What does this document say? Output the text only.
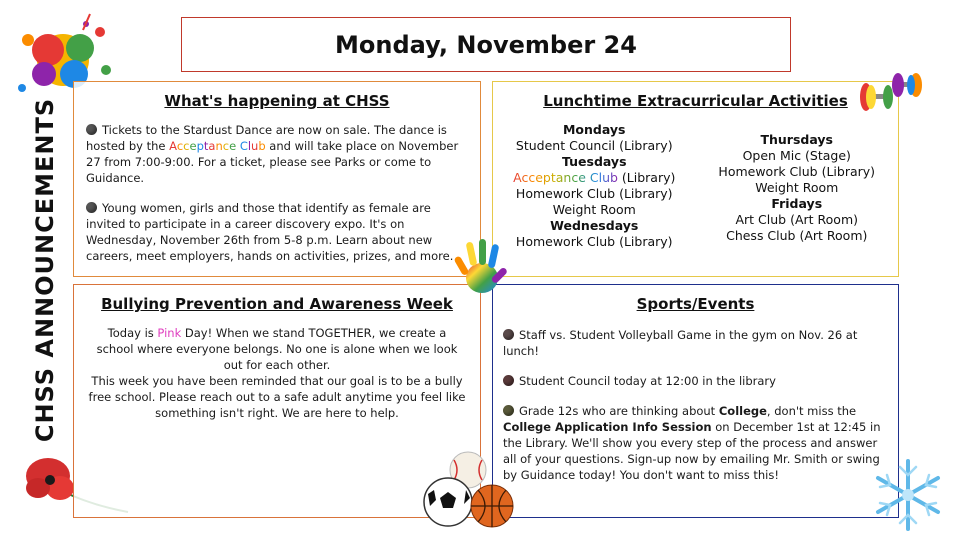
CHSS ANNOUNCEMENTS
Monday, November 24
What's happening at CHSS

Tickets to the Stardust Dance are now on sale. The dance is hosted by the Acceptance Club and will take place on November 27 from 7:00-9:00. For a ticket, please see Parks or come to Guidance.

Young women, girls and those that identify as female are invited to participate in a career discovery expo. It's on Wednesday, November 26th from 5-8 p.m. Learn about new careers, meet employers, hands on activities, prizes, and more.

Lunchtime Extracurricular Activities
Mondays
Student Council (Library)
Tuesdays
Acceptance Club (Library)
Homework Club (Library)
Weight Room
Wednesdays
Homework Club (Library)
Thursdays
Open Mic (Stage)
Homework Club (Library)
Weight Room
Fridays
Art Club (Art Room)
Chess Club (Art Room)
Bullying Prevention and Awareness Week

Today is Pink Day! When we stand TOGETHER, we create a school where everyone belongs. No one is alone when we look out for each other.

This week you have been reminded that our goal is to be a bully free school. Please reach out to a safe adult anytime you feel like something isn't right. We are here to help.

Sports/Events

Staff vs. Student Volleyball Game in the gym on Nov. 26 at lunch!

Student Council today at 12:00 in the library

Grade 12s who are thinking about College, don't miss the College Application Info Session on December 1st at 12:45 in the Library. We'll show you every step of the process and answer all of your questions. Sign-up now by emailing Mr. Smith or swing by Guidance today! You don't want to miss this!
